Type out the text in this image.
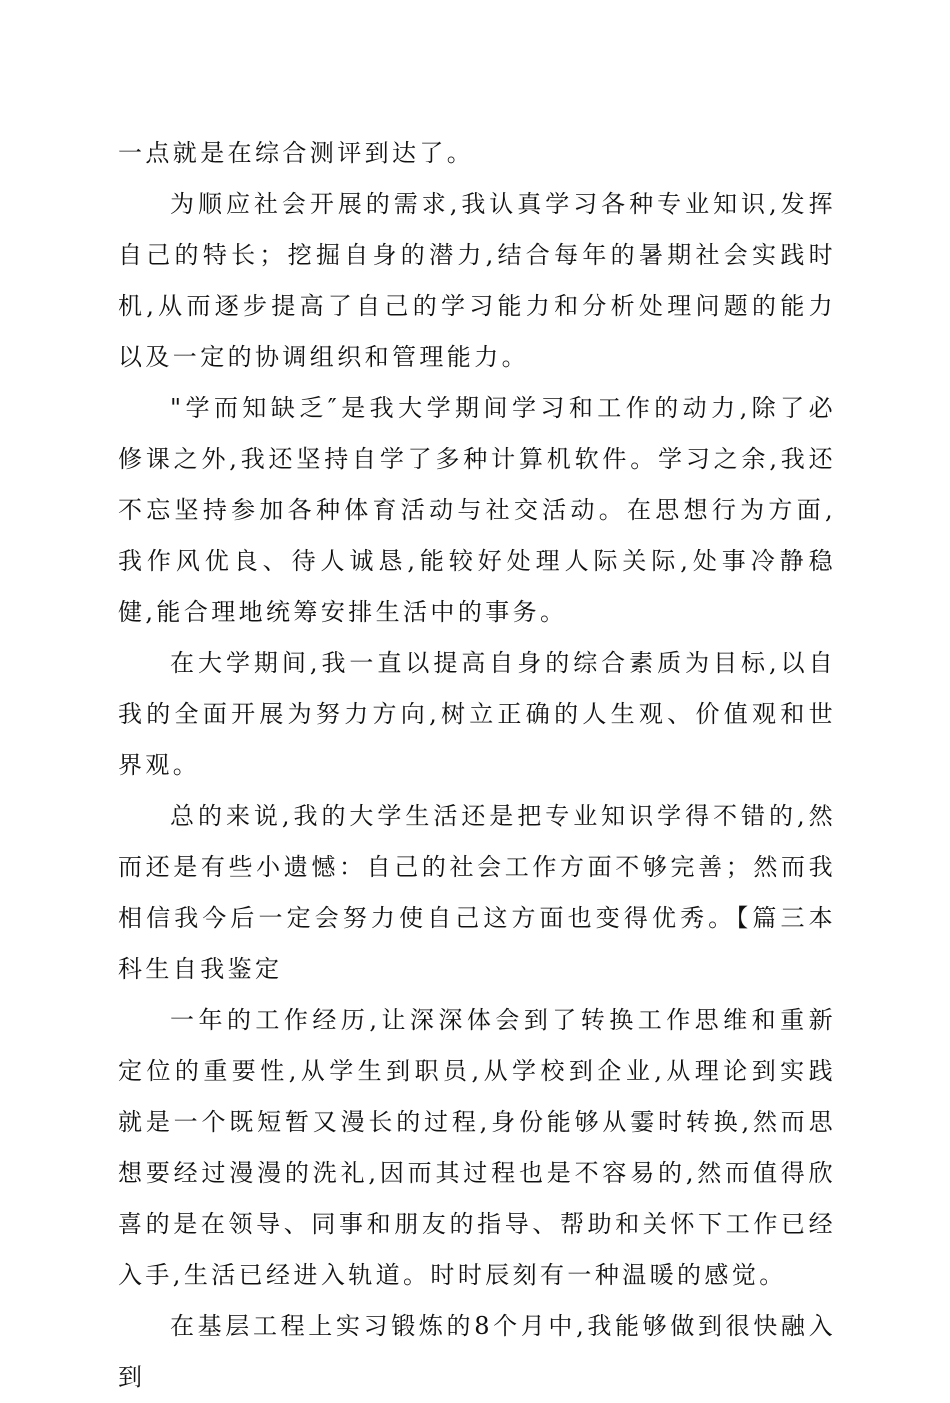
一点就是在综合测评到达了。

为顺应社会开展的需求,我认真学习各种专业知识,发挥自己的特长；挖掘自身的潜力,结合每年的暑期社会实践时机,从而逐步提高了自己的学习能力和分析处理问题的能力以及一定的协调组织和管理能力。

"学而知缺乏″是我大学期间学习和工作的动力,除了必修课之外,我还坚持自学了多种计算机软件。学习之余,我还不忘坚持参加各种体育活动与社交活动。在思想行为方面,我作风优良、待人诚恳,能较好处理人际关际,处事冷静稳健,能合理地统筹安排生活中的事务。

在大学期间,我一直以提高自身的综合素质为目标,以自我的全面开展为努力方向,树立正确的人生观、价值观和世界观。

总的来说,我的大学生活还是把专业知识学得不错的,然而还是有些小遗憾：自己的社会工作方面不够完善；然而我相信我今后一定会努力使自己这方面也变得优秀。【篇三本科生自我鉴定

一年的工作经历,让深深体会到了转换工作思维和重新定位的重要性,从学生到职员,从学校到企业,从理论到实践就是一个既短暂又漫长的过程,身份能够从霎时转换,然而思想要经过漫漫的洗礼,因而其过程也是不容易的,然而值得欣喜的是在领导、同事和朋友的指导、帮助和关怀下工作已经入手,生活已经进入轨道。时时辰刻有一种温暖的感觉。

在基层工程上实习锻炼的8个月中,我能够做到很快融入到
